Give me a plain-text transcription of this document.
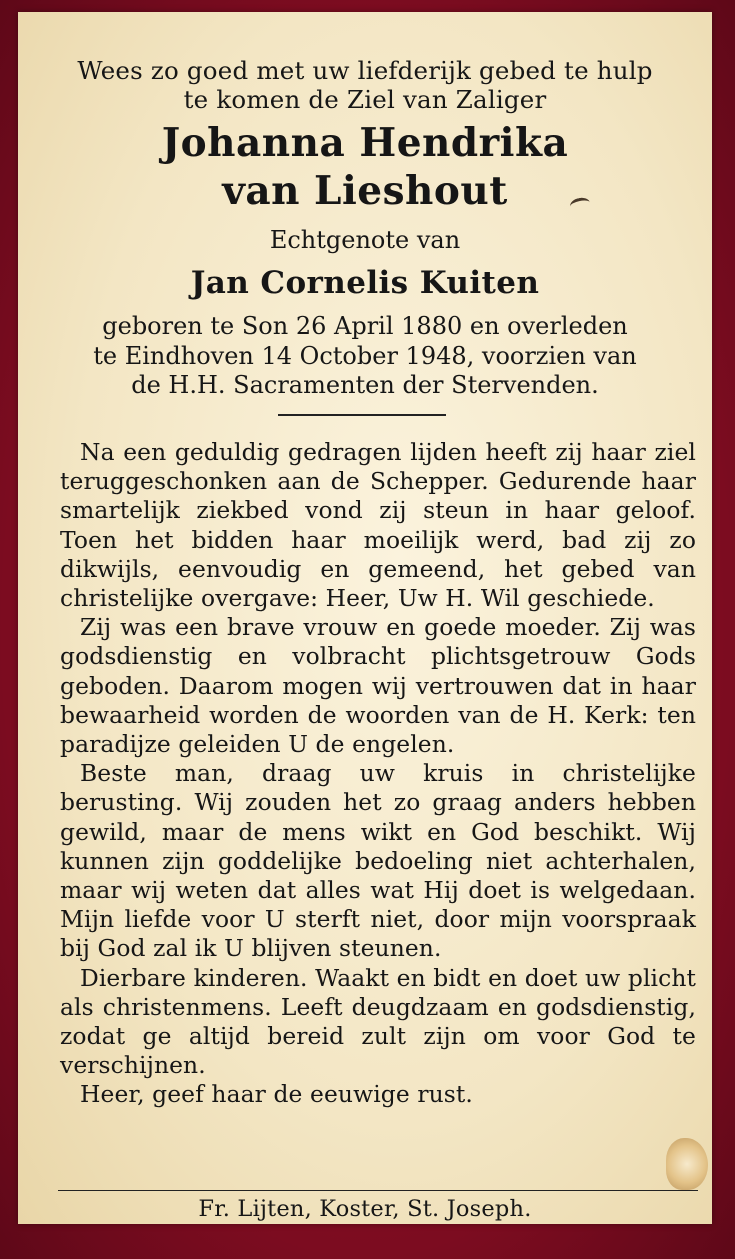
Wees zo goed met uw liefderijk gebed te hulp
te komen de Ziel van Zaliger
Johanna Hendrika
van Lieshout
Echtgenote van
Jan Cornelis Kuiten
geboren te Son 26 April 1880 en overleden
te Eindhoven 14 October 1948, voorzien van
de H.H. Sacramenten der Stervenden.

Na een geduldig gedragen lijden heeft zij haar ziel teruggeschonken aan de Schepper. Gedurende haar smartelijk ziekbed vond zij steun in haar geloof. Toen het bidden haar moeilijk werd, bad zij zo dikwijls, eenvoudig en gemeend, het gebed van christelijke overgave: Heer, Uw H. Wil geschiede.

Zij was een brave vrouw en goede moeder. Zij was godsdienstig en volbracht plichtsgetrouw Gods geboden. Daarom mogen wij vertrouwen dat in haar bewaarheid worden de woorden van de H. Kerk: ten paradijze geleiden U de engelen.

Beste man, draag uw kruis in christelijke berusting. Wij zouden het zo graag anders hebben gewild, maar de mens wikt en God beschikt. Wij kunnen zijn goddelijke bedoeling niet achterhalen, maar wij weten dat alles wat Hij doet is welgedaan. Mijn liefde voor U sterft niet, door mijn voorspraak bij God zal ik U blijven steunen.

Dierbare kinderen. Waakt en bidt en doet uw plicht als christenmens. Leeft deugdzaam en godsdienstig, zodat ge altijd bereid zult zijn om voor God te verschijnen.

Heer, geef haar de eeuwige rust.

Fr. Lijten, Koster, St. Joseph.
